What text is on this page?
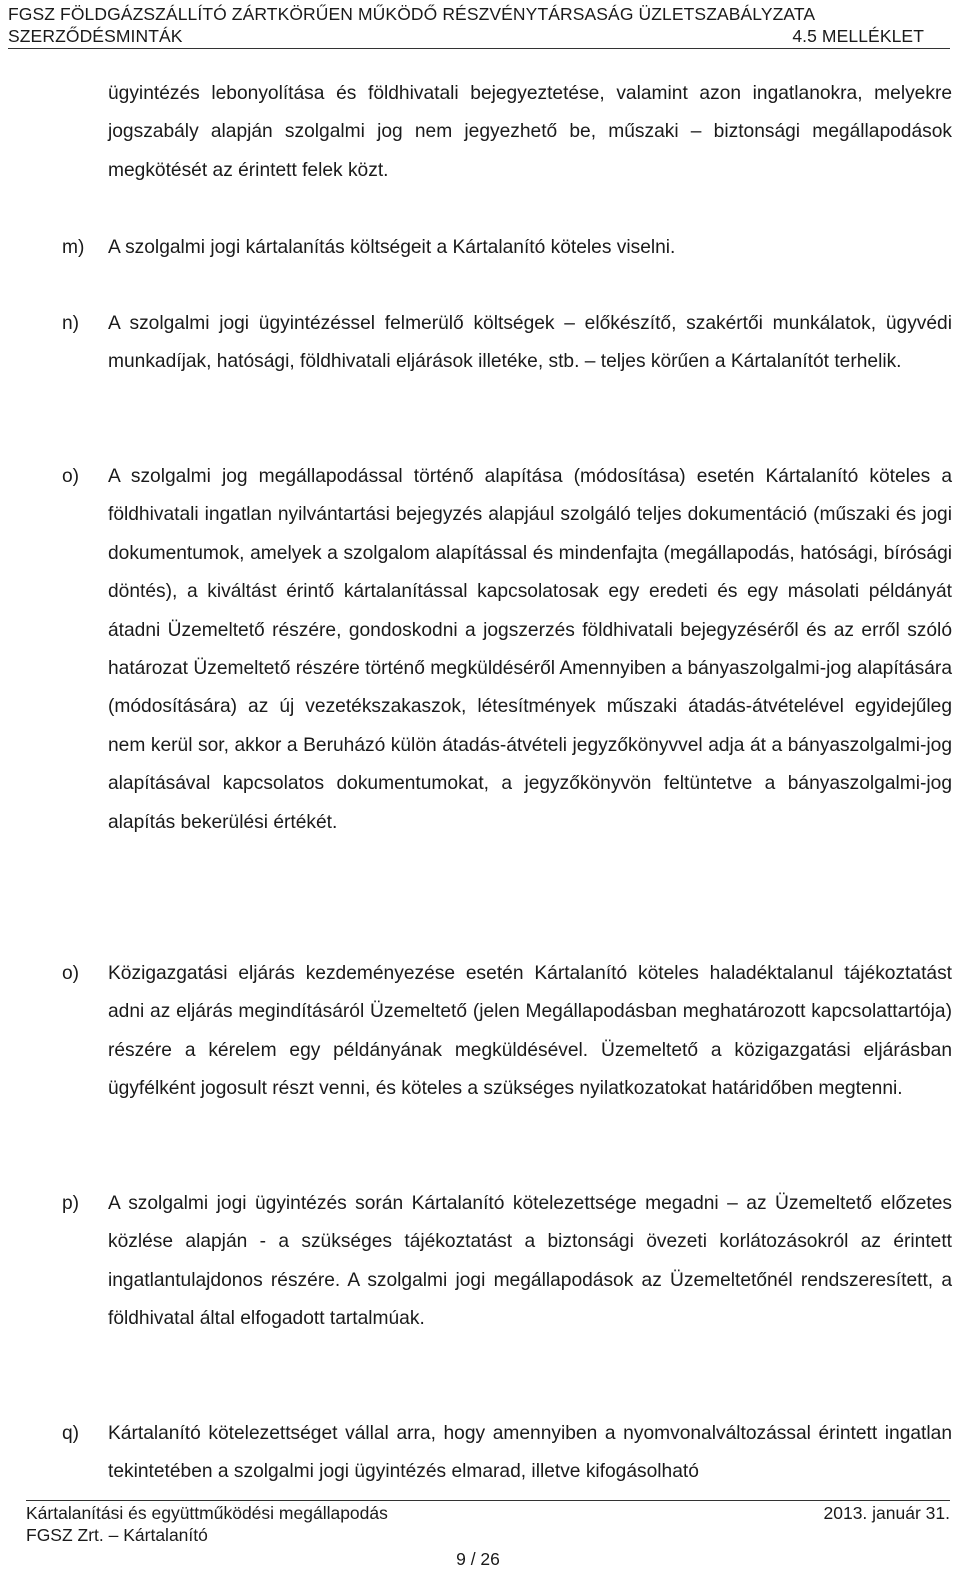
FGSZ FÖLDGÁZSZÁLLÍTÓ ZÁRTKÖRŰEN MŰKÖDŐ RÉSZVÉNYTÁRSASÁG ÜZLETSZABÁLYZATA
SZERZŐDÉSMINTÁK	4.5 MELLÉKLET
ügyintézés lebonyolítása és földhivatali bejegyeztetése, valamint azon ingatlanokra, melyekre jogszabály alapján szolgalmi jog nem jegyezhető be, műszaki – biztonsági megállapodások megkötését az érintett felek közt.
m) A szolgalmi jogi kártalanítás költségeit a Kártalanító köteles viselni.
n) A szolgalmi jogi ügyintézéssel felmerülő költségek – előkészítő, szakértői munkálatok, ügyvédi munkadíjak, hatósági, földhivatali eljárások illetéke, stb. – teljes körűen a Kártalanítót terhelik.
o) A szolgalmi jog megállapodással történő alapítása (módosítása) esetén Kártalanító köteles a földhivatali ingatlan nyilvántartási bejegyzés alapjául szolgáló teljes dokumentáció (műszaki és jogi dokumentumok, amelyek a szolgalom alapítással és mindenfajta (megállapodás, hatósági, bírósági döntés), a kiváltást érintő kártalanítással kapcsolatosak egy eredeti és egy másolati példányát átadni Üzemeltető részére, gondoskodni a jogszerzés földhivatali bejegyzéséről és az erről szóló határozat Üzemeltető részére történő megküldéséről Amennyiben a bányaszolgalmi-jog alapítására (módosítására) az új vezetékszakaszok, létesítmények műszaki átadás-átvételével egyidejűleg nem kerül sor, akkor a Beruházó külön átadás-átvételi jegyzőkönyvvel adja át a bányaszolgalmi-jog alapításával kapcsolatos dokumentumokat, a jegyzőkönyvön feltüntetve a bányaszolgalmi-jog alapítás bekerülési értékét.
o) Közigazgatási eljárás kezdeményezése esetén Kártalanító köteles haladéktalanul tájékoztatást adni az eljárás megindításáról Üzemeltető (jelen Megállapodásban meghatározott kapcsolattartója) részére a kérelem egy példányának megküldésével. Üzemeltető a közigazgatási eljárásban ügyfélként jogosult részt venni, és köteles a szükséges nyilatkozatokat határidőben megtenni.
p) A szolgalmi jogi ügyintézés során Kártalanító kötelezettsége megadni – az Üzemeltető előzetes közlése alapján - a szükséges tájékoztatást a biztonsági övezeti korlátozásokról az érintett ingatlantulajdonos részére. A szolgalmi jogi megállapodások az Üzemeltetőnél rendszeresített, a földhivatal által elfogadott tartalmúak.
q) Kártalanító kötelezettséget vállal arra, hogy amennyiben a nyomvonalváltozással érintett ingatlan tekintetében a szolgalmi jogi ügyintézés elmarad, illetve kifogásolható
Kártalanítási és együttműködési megállapodás	2013. január 31.
FGSZ Zrt. – Kártalanító
9 / 26
